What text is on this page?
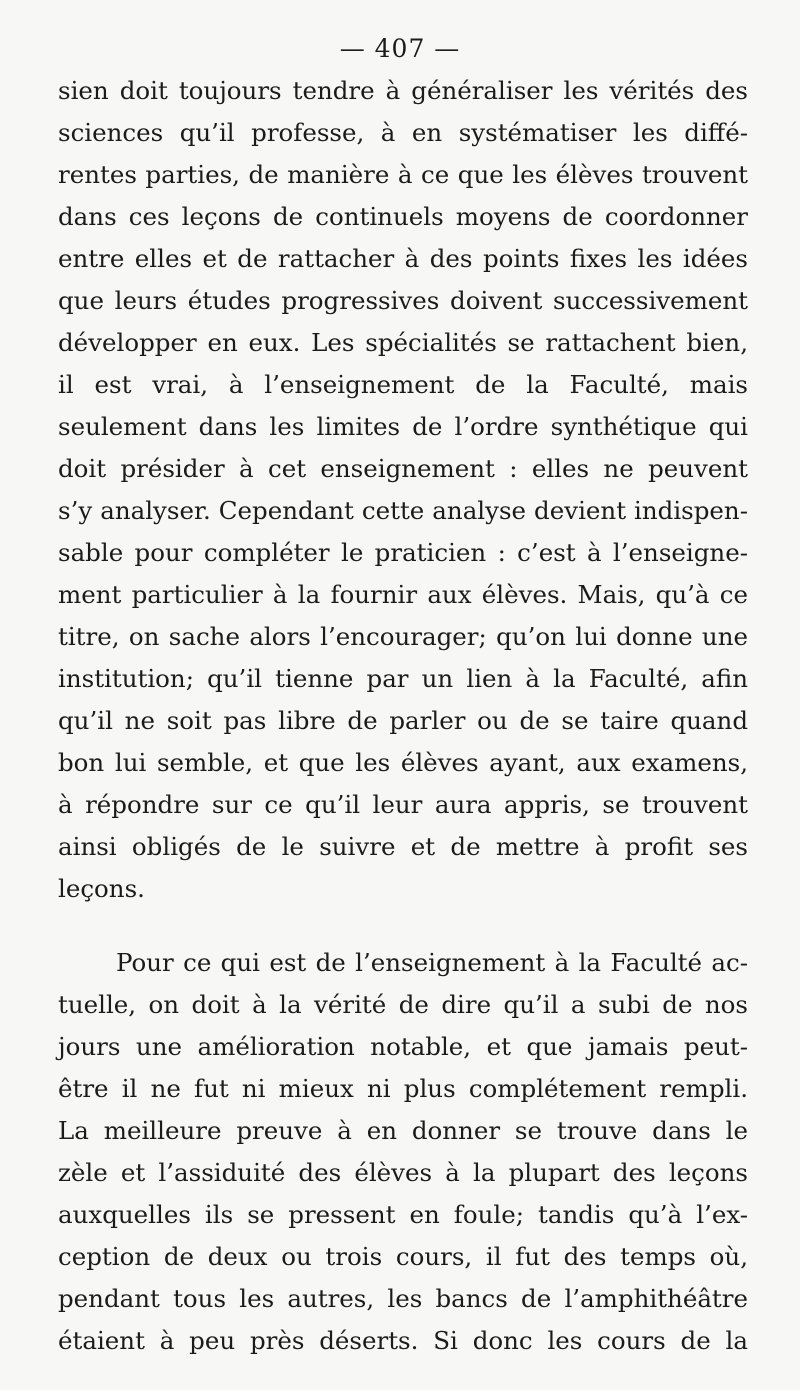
— 407 —
sien doit toujours tendre à généraliser les vérités des
sciences qu’il professe, à en systématiser les diffé-
rentes parties, de manière à ce que les élèves trouvent
dans ces leçons de continuels moyens de coordonner
entre elles et de rattacher à des points fixes les idées
que leurs études progressives doivent successivement
développer en eux. Les spécialités se rattachent bien,
il est vrai, à l’enseignement de la Faculté, mais
seulement dans les limites de l’ordre synthétique qui
doit présider à cet enseignement : elles ne peuvent
s’y analyser. Cependant cette analyse devient indispen-
sable pour compléter le praticien : c’est à l’enseigne-
ment particulier à la fournir aux élèves. Mais, qu’à ce
titre, on sache alors l’encourager; qu’on lui donne une
institution; qu’il tienne par un lien à la Faculté, afin
qu’il ne soit pas libre de parler ou de se taire quand
bon lui semble, et que les élèves ayant, aux examens,
à répondre sur ce qu’il leur aura appris, se trouvent
ainsi obligés de le suivre et de mettre à profit ses
leçons.
Pour ce qui est de l’enseignement à la Faculté ac-
tuelle, on doit à la vérité de dire qu’il a subi de nos
jours une amélioration notable, et que jamais peut-
être il ne fut ni mieux ni plus complétement rempli.
La meilleure preuve à en donner se trouve dans le
zèle et l’assiduité des élèves à la plupart des leçons
auxquelles ils se pressent en foule; tandis qu’à l’ex-
ception de deux ou trois cours, il fut des temps où,
pendant tous les autres, les bancs de l’amphithéâtre
étaient à peu près déserts. Si donc les cours de la
